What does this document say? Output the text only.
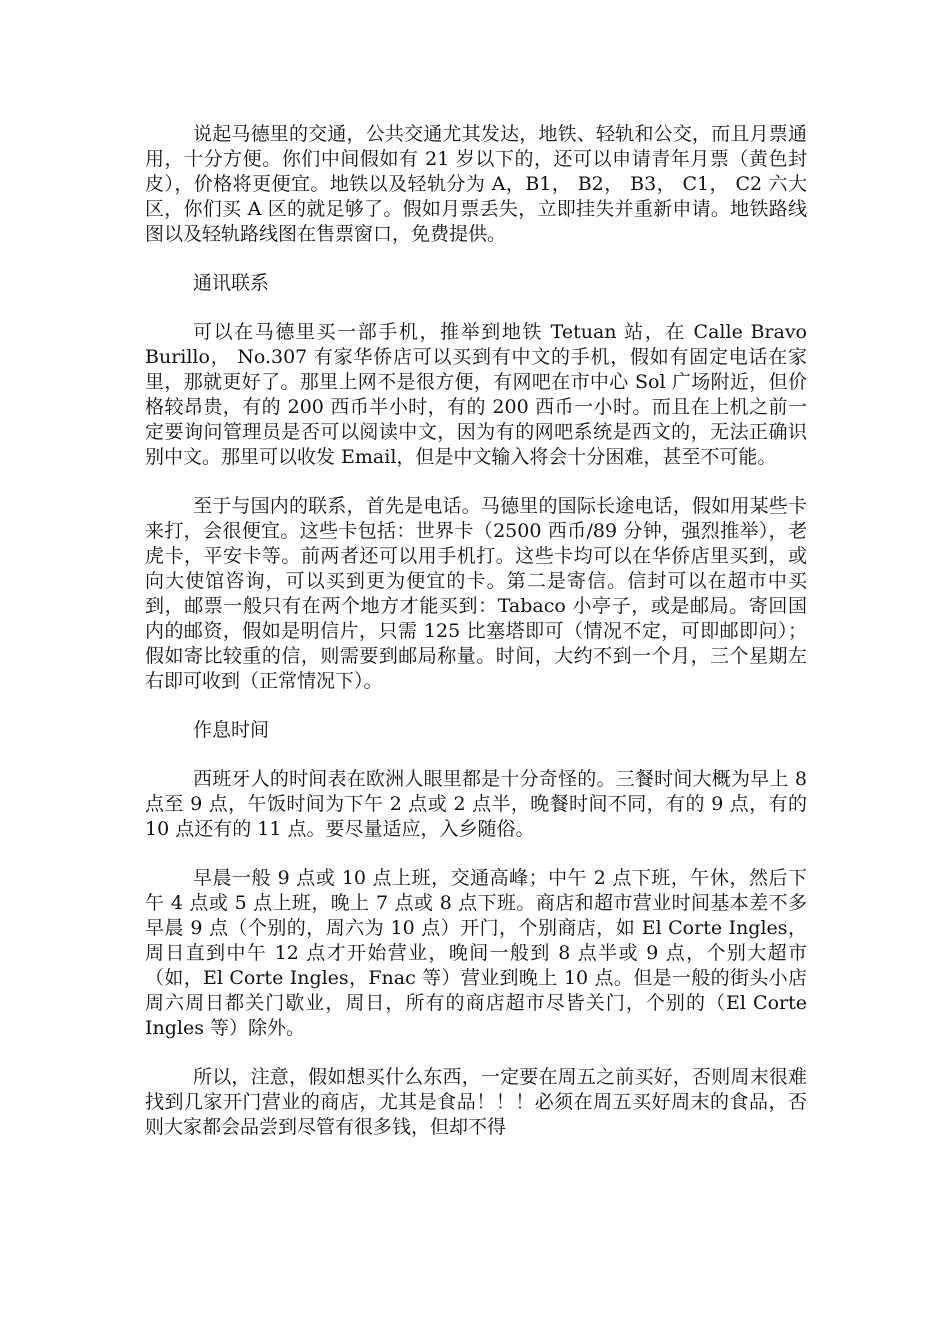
说起马德里的交通，公共交通尤其发达，地铁、轻轨和公交，而且月票通用，十分方便。你们中间假如有 21 岁以下的，还可以申请青年月票（黄色封皮），价格将更便宜。地铁以及轻轨分为 A，B1， B2， B3， C1， C2 六大区，你们买 A 区的就足够了。假如月票丢失，立即挂失并重新申请。地铁路线图以及轻轨路线图在售票窗口，免费提供。

通讯联系

可以在马德里买一部手机，推举到地铁 Tetuan 站，在 Calle Bravo Burillo， No.307 有家华侨店可以买到有中文的手机，假如有固定电话在家里，那就更好了。那里上网不是很方便，有网吧在市中心 Sol 广场附近，但价格较昂贵，有的 200 西币半小时，有的 200 西币一小时。而且在上机之前一定要询问管理员是否可以阅读中文，因为有的网吧系统是西文的，无法正确识别中文。那里可以收发 Email，但是中文输入将会十分困难，甚至不可能。

至于与国内的联系，首先是电话。马德里的国际长途电话，假如用某些卡来打，会很便宜。这些卡包括：世界卡（2500 西币/89 分钟，强烈推举），老虎卡，平安卡等。前两者还可以用手机打。这些卡均可以在华侨店里买到，或向大使馆咨询，可以买到更为便宜的卡。第二是寄信。信封可以在超市中买到，邮票一般只有在两个地方才能买到：Tabaco 小亭子，或是邮局。寄回国内的邮资，假如是明信片，只需 125 比塞塔即可（情况不定，可即邮即问）；假如寄比较重的信，则需要到邮局称量。时间，大约不到一个月，三个星期左右即可收到（正常情况下）。

作息时间

西班牙人的时间表在欧洲人眼里都是十分奇怪的。三餐时间大概为早上 8 点至 9 点，午饭时间为下午 2 点或 2 点半，晚餐时间不同，有的 9 点，有的 10 点还有的 11 点。要尽量适应，入乡随俗。

早晨一般 9 点或 10 点上班，交通高峰；中午 2 点下班，午休，然后下午 4 点或 5 点上班，晚上 7 点或 8 点下班。商店和超市营业时间基本差不多早晨 9 点（个别的，周六为 10 点）开门，个别商店，如 El Corte Ingles，周日直到中午 12 点才开始营业，晚间一般到 8 点半或 9 点，个别大超市（如，El Corte Ingles，Fnac 等）营业到晚上 10 点。但是一般的街头小店周六周日都关门歇业，周日，所有的商店超市尽皆关门，个别的（El Corte Ingles 等）除外。

所以，注意，假如想买什么东西，一定要在周五之前买好，否则周末很难找到几家开门营业的商店，尤其是食品！！！必须在周五买好周末的食品，否则大家都会品尝到尽管有很多钱，但却不得
